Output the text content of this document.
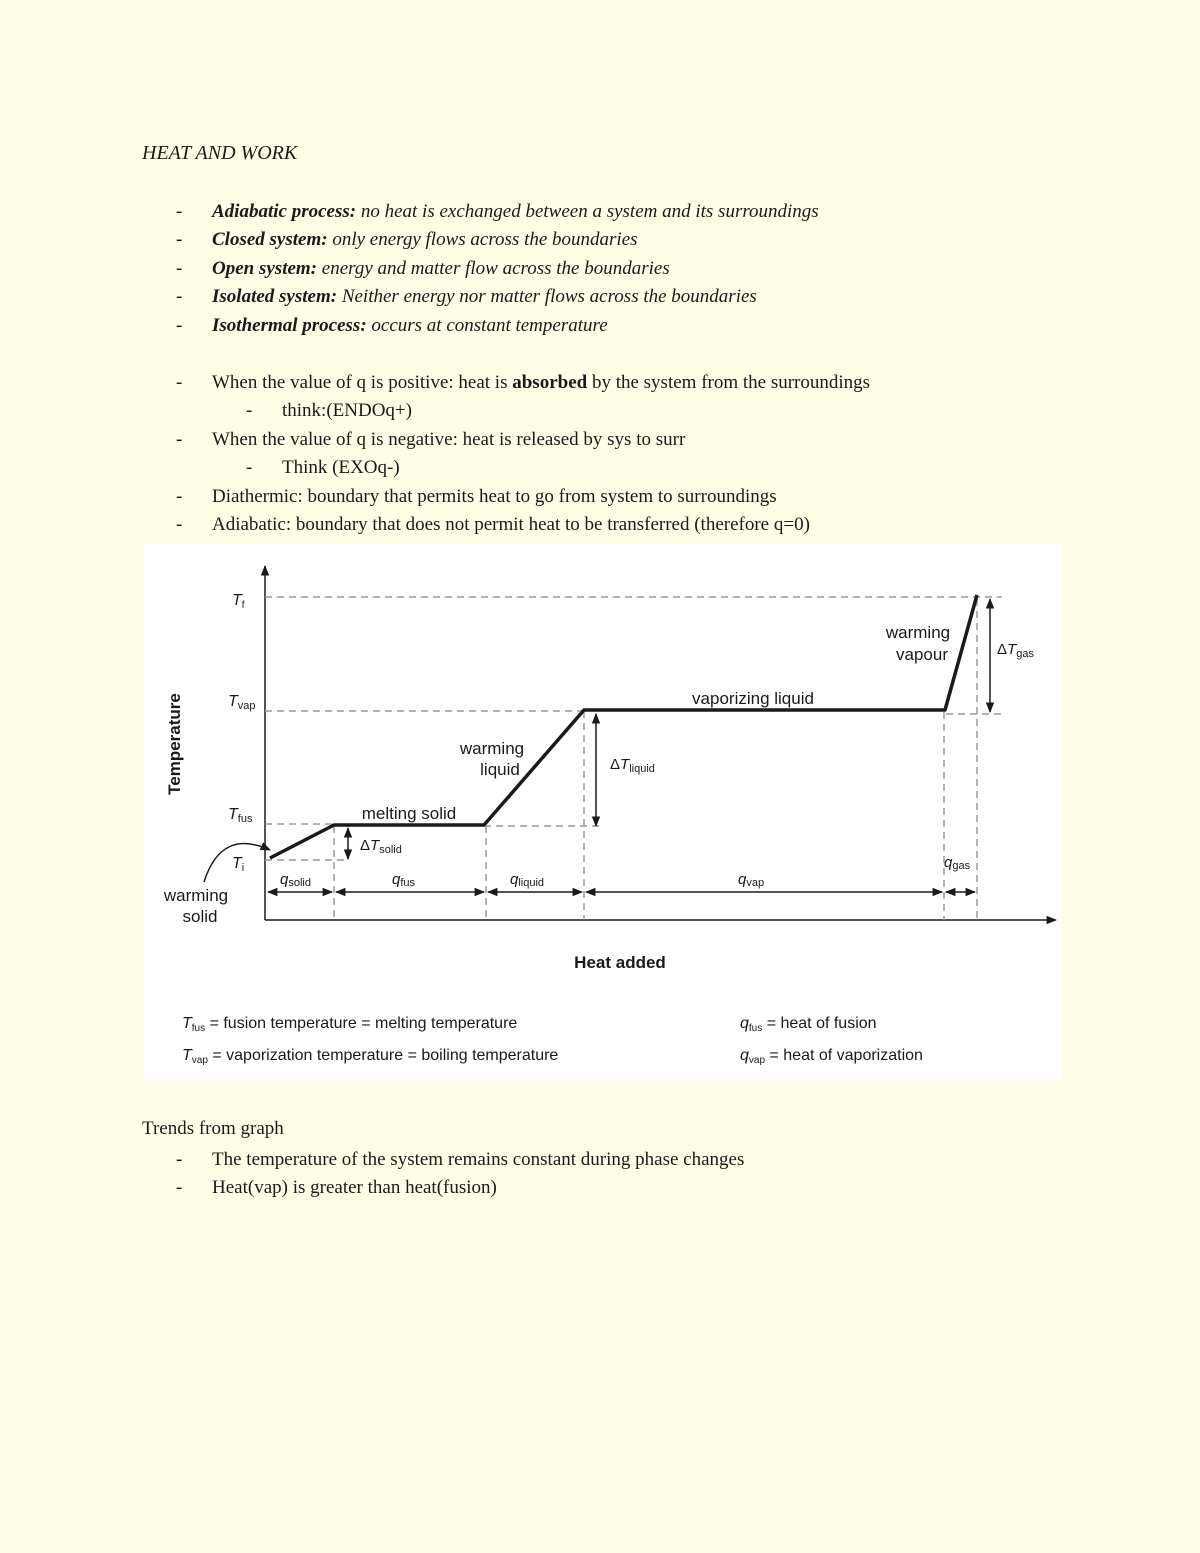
HEAT AND WORK
- Adiabatic process: no heat is exchanged between a system and its surroundings
- Closed system: only energy flows across the boundaries
- Open system: energy and matter flow across the boundaries
- Isolated system: Neither energy nor matter flows across the boundaries
- Isothermal process: occurs at constant temperature
- When the value of q is positive: heat is absorbed by the system from the surroundings
- think:(ENDOq+)
- When the value of q is negative: heat is released by sys to surr
- Think (EXOq-)
- Diathermic: boundary that permits heat to go from system to surroundings
- Adiabatic: boundary that does not permit heat to be transferred (therefore q=0)
Tf
Tvap
Tfus
Ti
Temperature
Heat added
melting solid
warming
liquid
vaporizing liquid
warming
vapour
warming
solid
$\Delta T_{solid}$
$\Delta T_{liquid}$
$\Delta T_{gas}$
qsolid	qfus	qliquid	qvap
qgas
Tfus = fusion temperature = melting temperature
Tvap = vaporization temperature = boiling temperature
qfus = heat of fusion
qvap = heat of vaporization
Trends from graph
- The temperature of the system remains constant during phase changes
- Heat(vap) is greater than heat(fusion)
